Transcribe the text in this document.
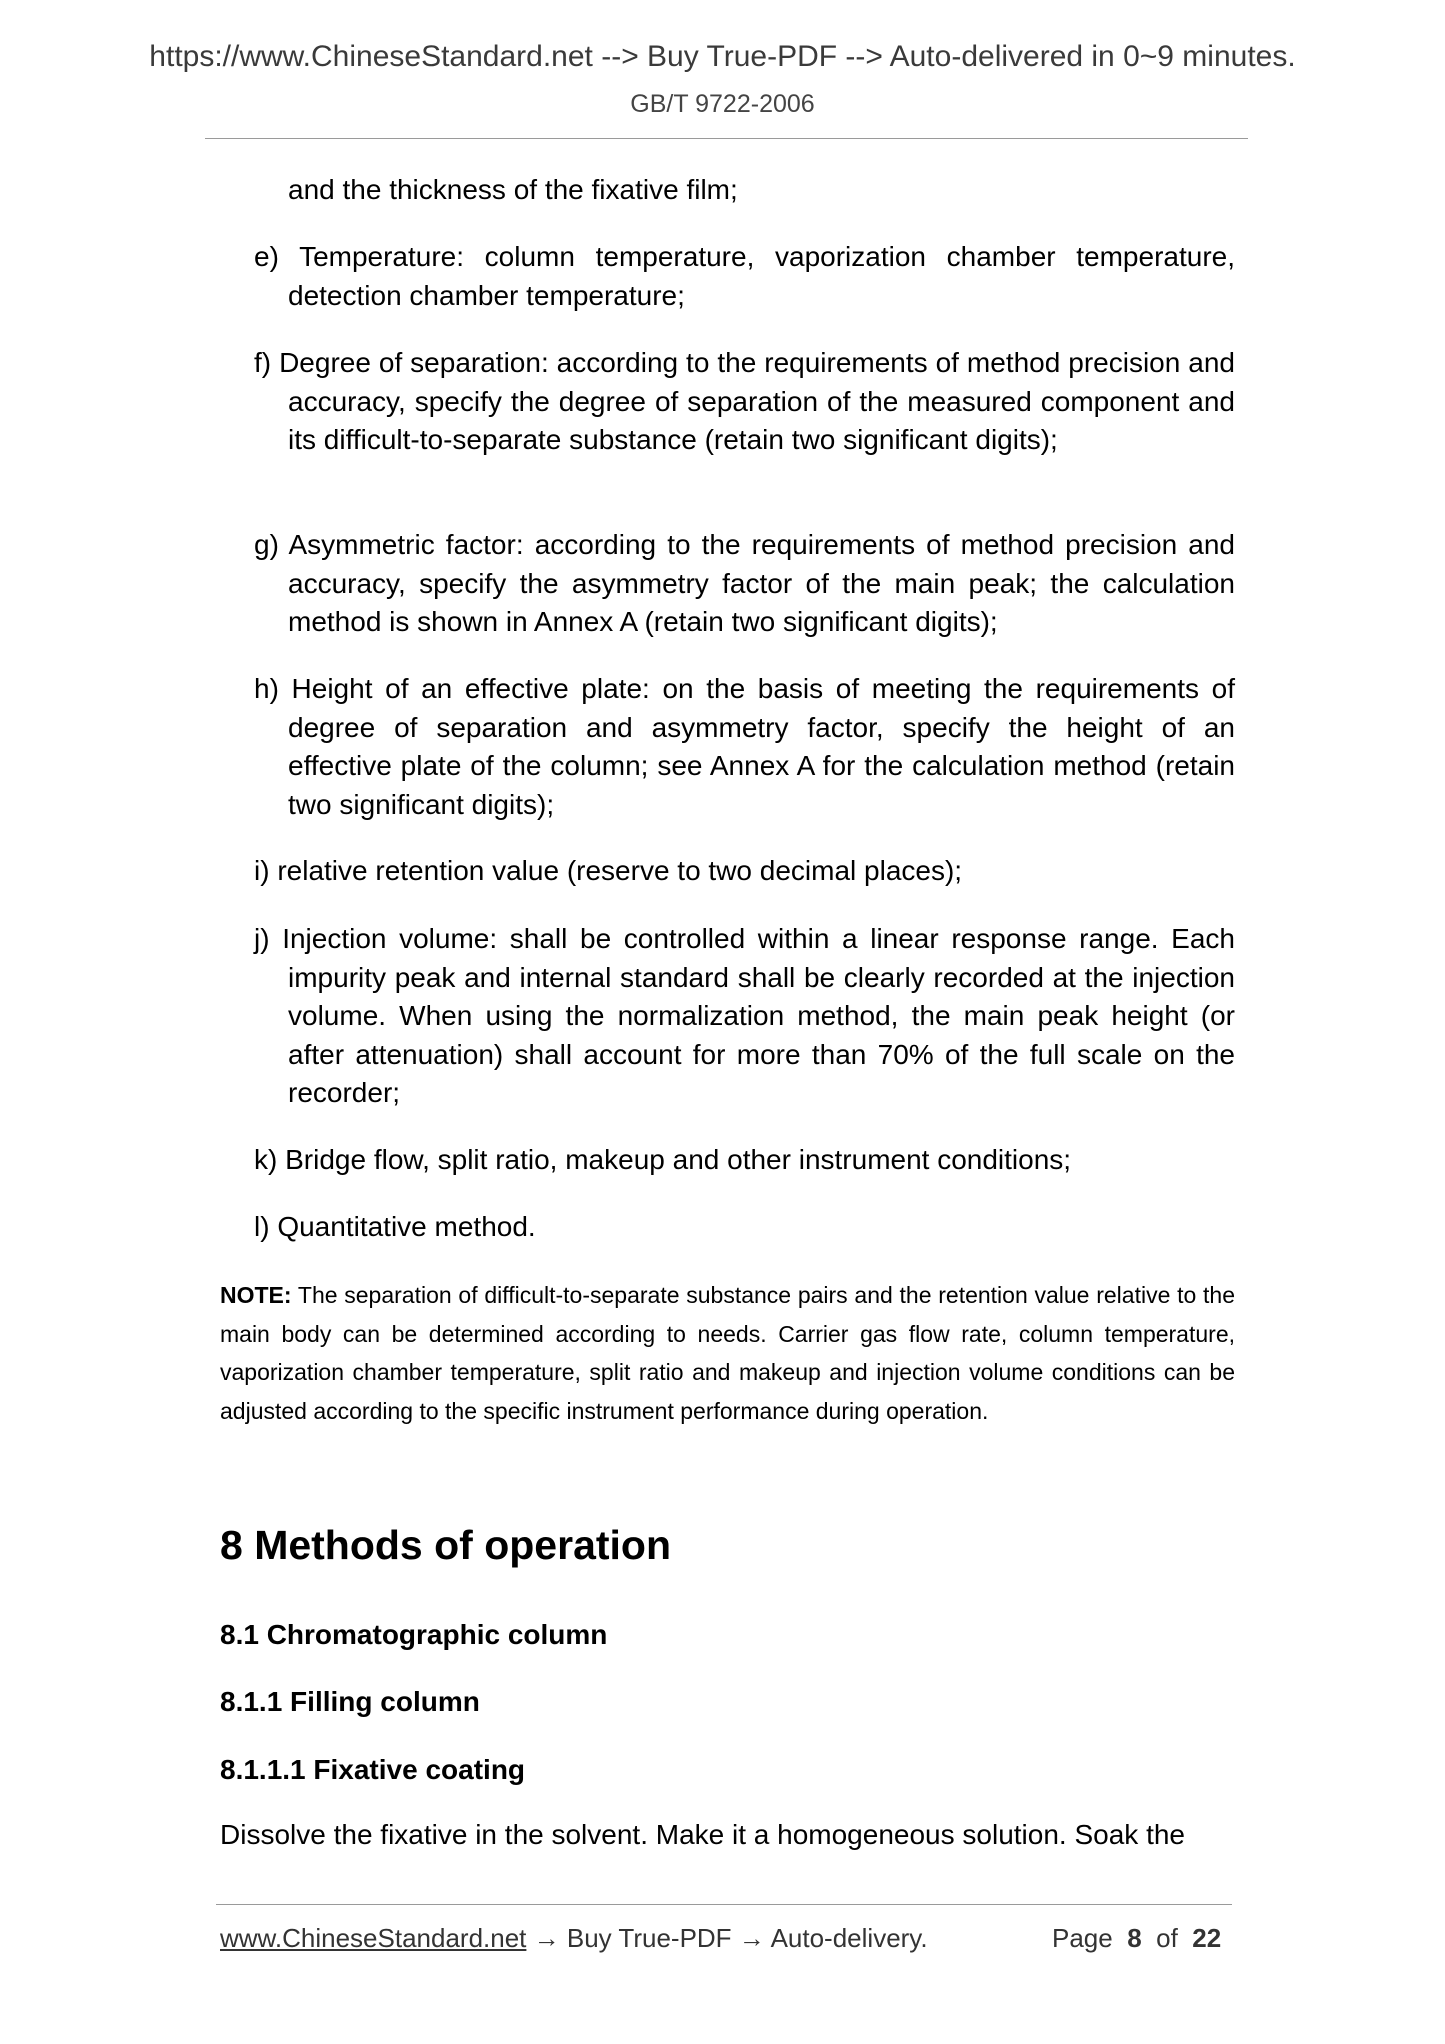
https://www.ChineseStandard.net --> Buy True-PDF --> Auto-delivered in 0~9 minutes.
GB/T 9722-2006
and the thickness of the fixative film;
e) Temperature: column temperature, vaporization chamber temperature, detection chamber temperature;
f) Degree of separation: according to the requirements of method precision and accuracy, specify the degree of separation of the measured component and its difficult-to-separate substance (retain two significant digits);
g) Asymmetric factor: according to the requirements of method precision and accuracy, specify the asymmetry factor of the main peak; the calculation method is shown in Annex A (retain two significant digits);
h) Height of an effective plate: on the basis of meeting the requirements of degree of separation and asymmetry factor, specify the height of an effective plate of the column; see Annex A for the calculation method (retain two significant digits);
i) relative retention value (reserve to two decimal places);
j) Injection volume: shall be controlled within a linear response range. Each impurity peak and internal standard shall be clearly recorded at the injection volume. When using the normalization method, the main peak height (or after attenuation) shall account for more than 70% of the full scale on the recorder;
k) Bridge flow, split ratio, makeup and other instrument conditions;
l) Quantitative method.
NOTE: The separation of difficult-to-separate substance pairs and the retention value relative to the main body can be determined according to needs. Carrier gas flow rate, column temperature, vaporization chamber temperature, split ratio and makeup and injection volume conditions can be adjusted according to the specific instrument performance during operation.
8 Methods of operation
8.1 Chromatographic column
8.1.1 Filling column
8.1.1.1 Fixative coating
Dissolve the fixative in the solvent. Make it a homogeneous solution. Soak the
www.ChineseStandard.net → Buy True-PDF → Auto-delivery.	Page 8 of 22
